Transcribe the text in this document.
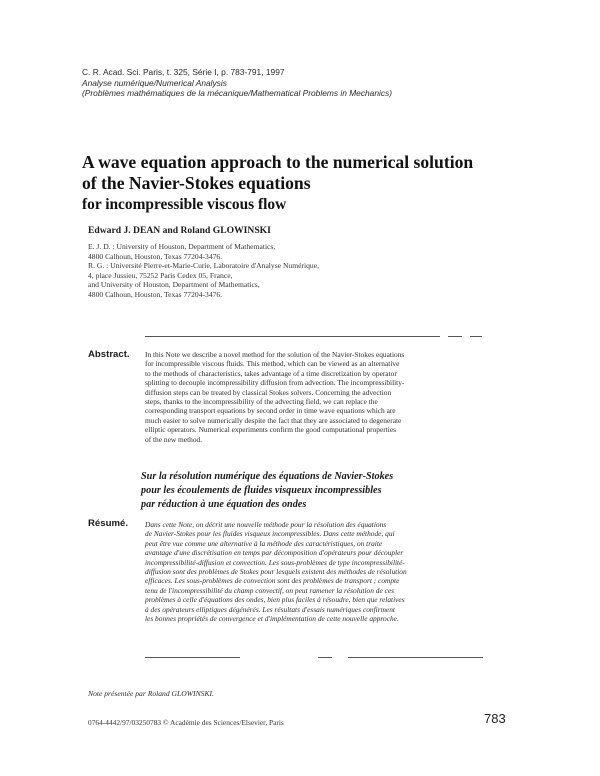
C. R. Acad. Sci. Paris, t. 325, Série I, p. 783-791, 1997
Analyse numérique/Numerical Analysis
(Problèmes mathématiques de la mécanique/Mathematical Problems in Mechanics)
A wave equation approach to the numerical solution
of the Navier-Stokes equations
for incompressible viscous flow
Edward J. DEAN and Roland GLOWINSKI
E. J. D. : University of Houston, Department of Mathematics,
4800 Calhoun, Houston, Texas 77204-3476.
R. G. : Université Pierre-et-Marie-Curie, Laboratoire d'Analyse Numérique,
4, place Jussieu, 75252 Paris Cedex 05, France,
and University of Houston, Department of Mathematics,
4800 Calhoun, Houston, Texas 77204-3476.
Abstract. In this Note we describe a novel method for the solution of the Navier-Stokes equations
for incompressible viscous fluids. This method, which can be viewed as an alternative
to the methods of characteristics, takes advantage of a time discretization by operator
splitting to decouple incompressibility diffusion from advection. The incompressibility-
diffusion steps can be treated by classical Stokes solvers. Concerning the advection
steps, thanks to the incompressibility of the advecting field, we can replace the
corresponding transport equations by second order in time wave equations which are
much easier to solve numerically despite the fact that they are associated to degenerate
elliptic operators. Numerical experiments confirm the good computational properties
of the new method.
Sur la résolution numérique des équations de Navier-Stokes
pour les écoulements de fluides visqueux incompressibles
par réduction à une équation des ondes
Résumé. Dans cette Note, on décrit une nouvelle méthode pour la résolution des équations
de Navier-Stokes pour les fluides visqueux incompressibles. Dans cette méthode, qui
peut être vue comme une alternative à la méthode des caractéristiques, on traite
avantage d'une discrétisation en temps par décomposition d'opérateurs pour découpler
incompressibilité-diffusion et convection. Les sous-problèmes de type incompressibilité-
diffusion sont des problèmes de Stokes pour lesquels existent des méthodes de résolution
efficaces. Les sous-problèmes de convection sont des problèmes de transport ; compte
tenu de l'incompressibilité du champ convectif, on peut ramener la résolution de ces
problèmes à celle d'équations des ondes, bien plus faciles à résoudre, bien que relatives
à des opérateurs elliptiques dégénérés. Les résultats d'essais numériques confirment
les bonnes propriétés de convergence et d'implémentation de cette nouvelle approche.
Note présentée par Roland GLOWINSKI.
0764-4442/97/03250783 © Académie des Sciences/Elsevier, Paris	783
